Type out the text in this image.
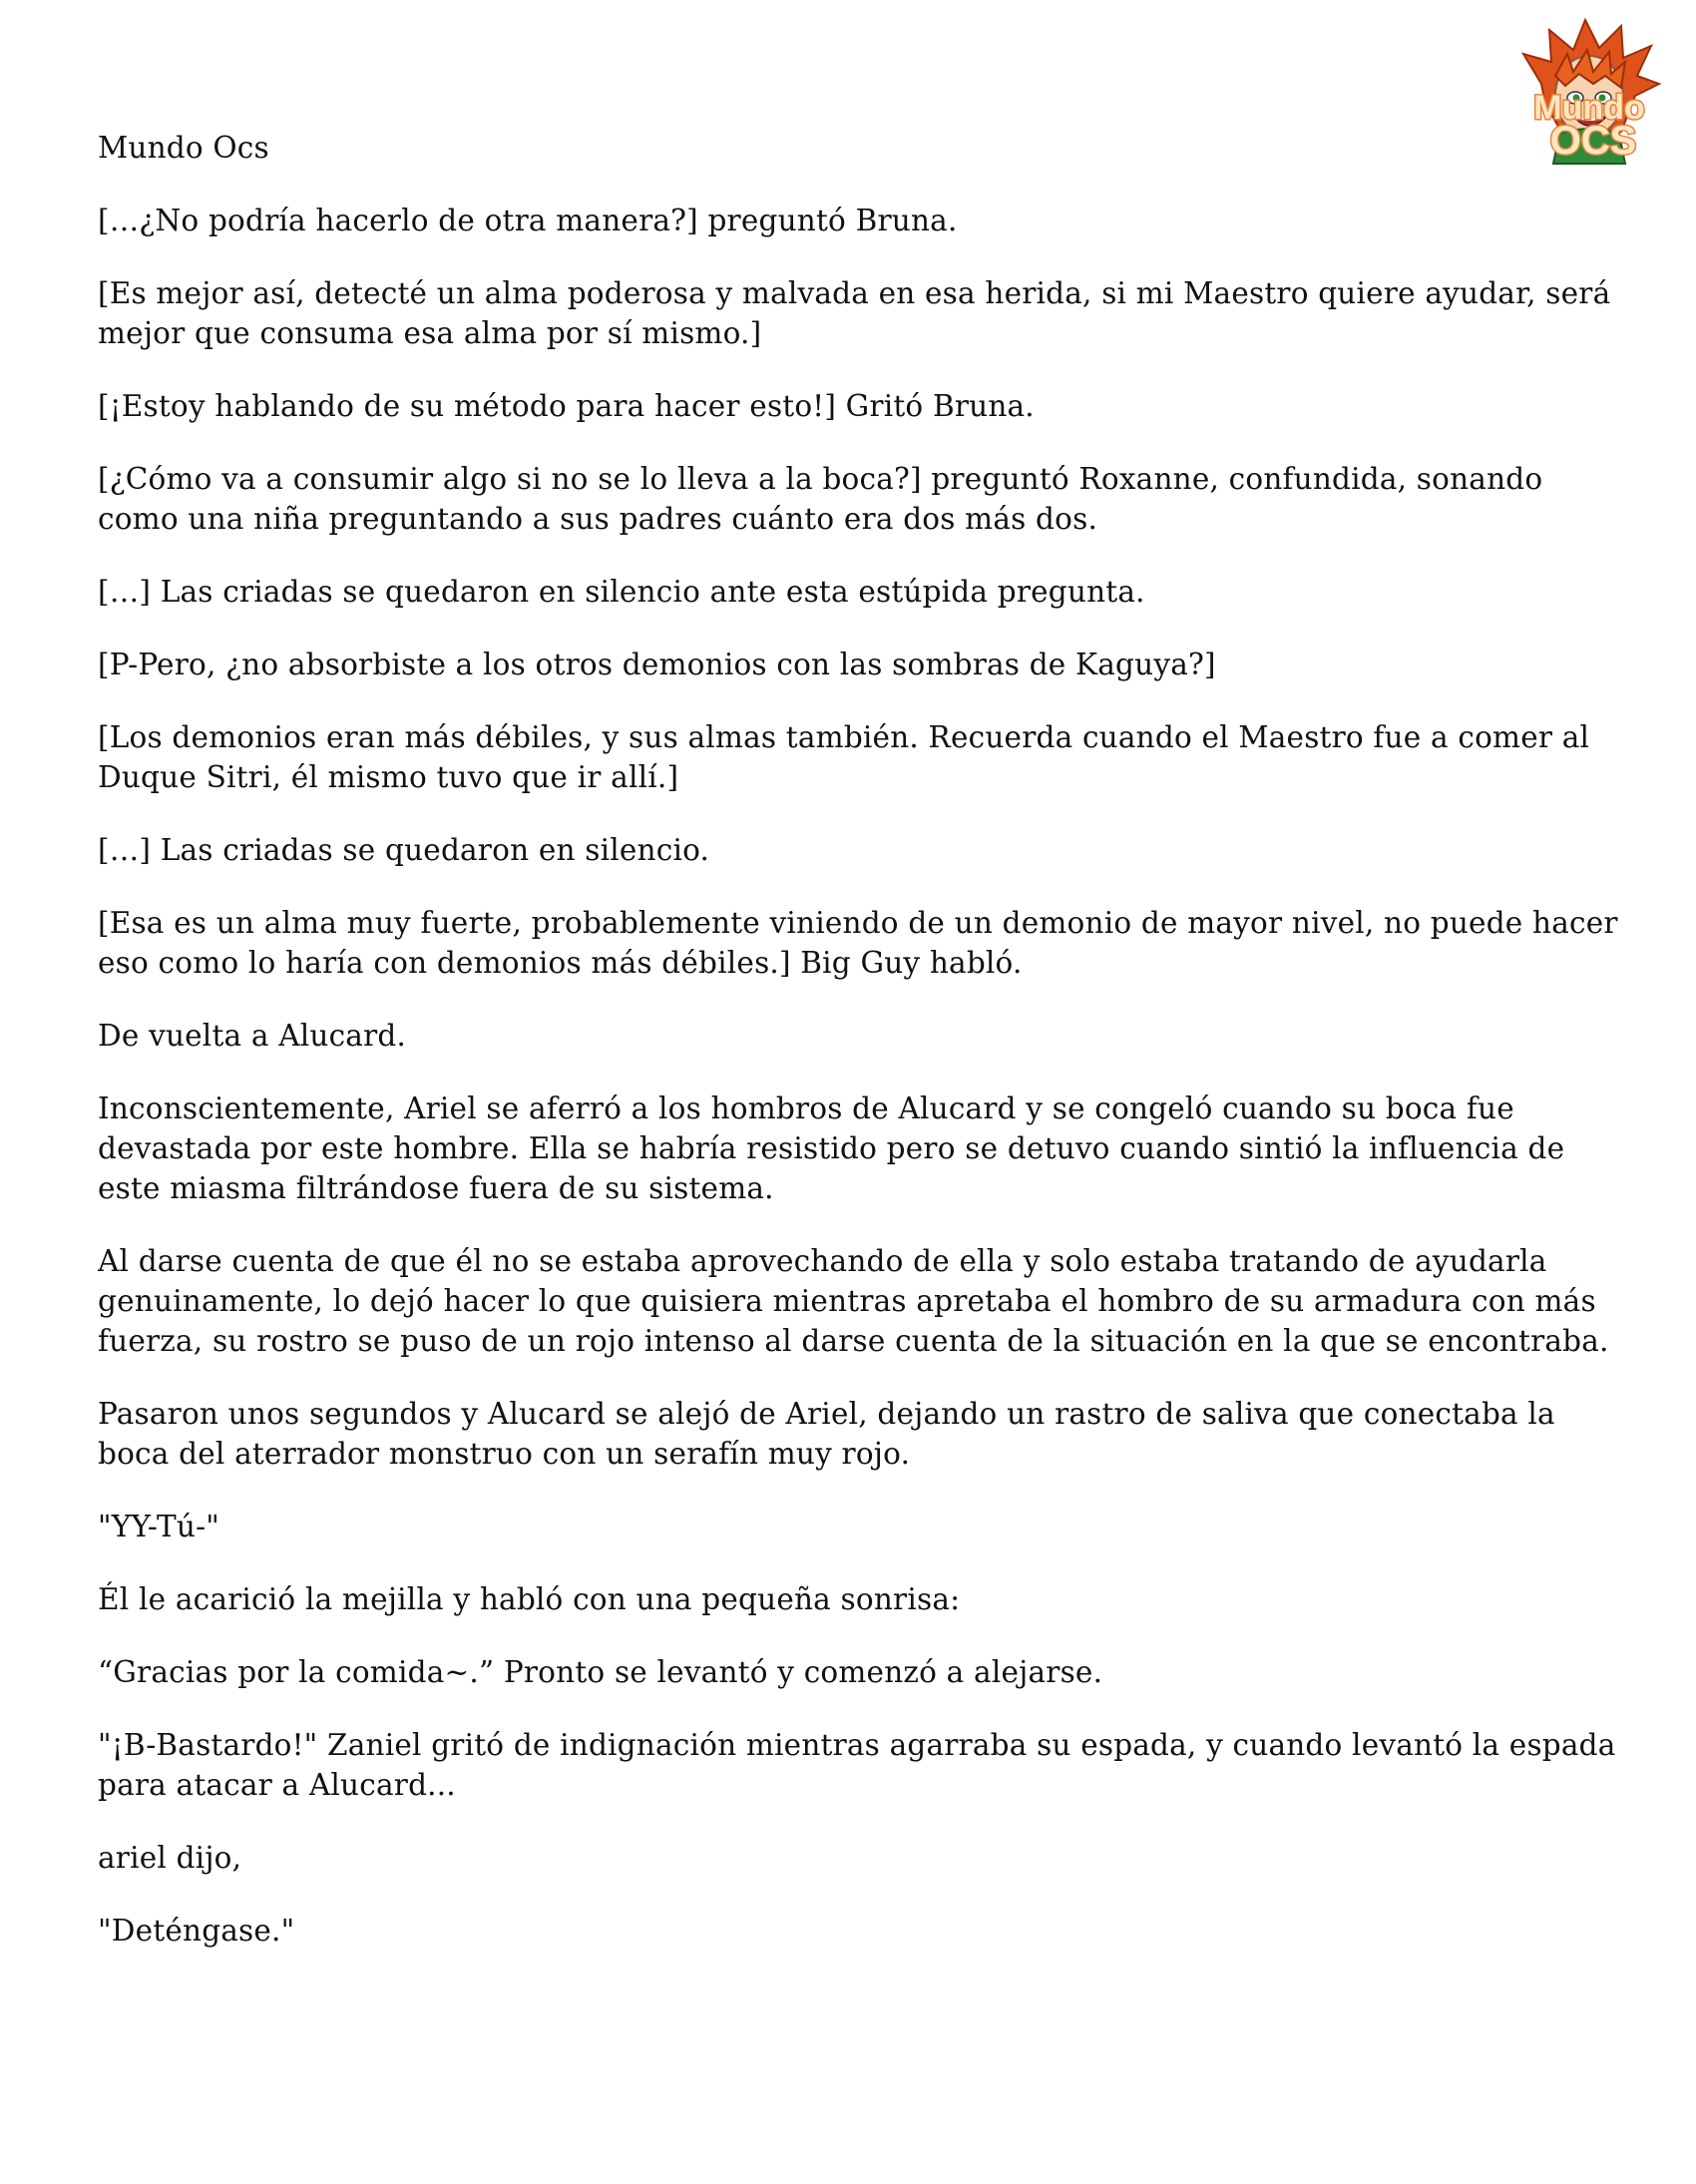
Mundo
OCS

Mundo Ocs

[…¿No podría hacerlo de otra manera?] preguntó Bruna.

[Es mejor así, detecté un alma poderosa y malvada en esa herida, si mi Maestro quiere ayudar, será mejor que consuma esa alma por sí mismo.]

[¡Estoy hablando de su método para hacer esto!] Gritó Bruna.

[¿Cómo va a consumir algo si no se lo lleva a la boca?] preguntó Roxanne, confundida, sonando como una niña preguntando a sus padres cuánto era dos más dos.

[…] Las criadas se quedaron en silencio ante esta estúpida pregunta.

[P-Pero, ¿no absorbiste a los otros demonios con las sombras de Kaguya?]

[Los demonios eran más débiles, y sus almas también. Recuerda cuando el Maestro fue a comer al Duque Sitri, él mismo tuvo que ir allí.]

[…] Las criadas se quedaron en silencio.

[Esa es un alma muy fuerte, probablemente viniendo de un demonio de mayor nivel, no puede hacer eso como lo haría con demonios más débiles.] Big Guy habló.

De vuelta a Alucard.

Inconscientemente, Ariel se aferró a los hombros de Alucard y se congeló cuando su boca fue devastada por este hombre. Ella se habría resistido pero se detuvo cuando sintió la influencia de este miasma filtrándose fuera de su sistema.

Al darse cuenta de que él no se estaba aprovechando de ella y solo estaba tratando de ayudarla genuinamente, lo dejó hacer lo que quisiera mientras apretaba el hombro de su armadura con más fuerza, su rostro se puso de un rojo intenso al darse cuenta de la situación en la que se encontraba.

Pasaron unos segundos y Alucard se alejó de Ariel, dejando un rastro de saliva que conectaba la boca del aterrador monstruo con un serafín muy rojo.

"YY-Tú-"

Él le acarició la mejilla y habló con una pequeña sonrisa:

“Gracias por la comida~.” Pronto se levantó y comenzó a alejarse.

"¡B-Bastardo!" Zaniel gritó de indignación mientras agarraba su espada, y cuando levantó la espada para atacar a Alucard...

ariel dijo,

"Deténgase."
